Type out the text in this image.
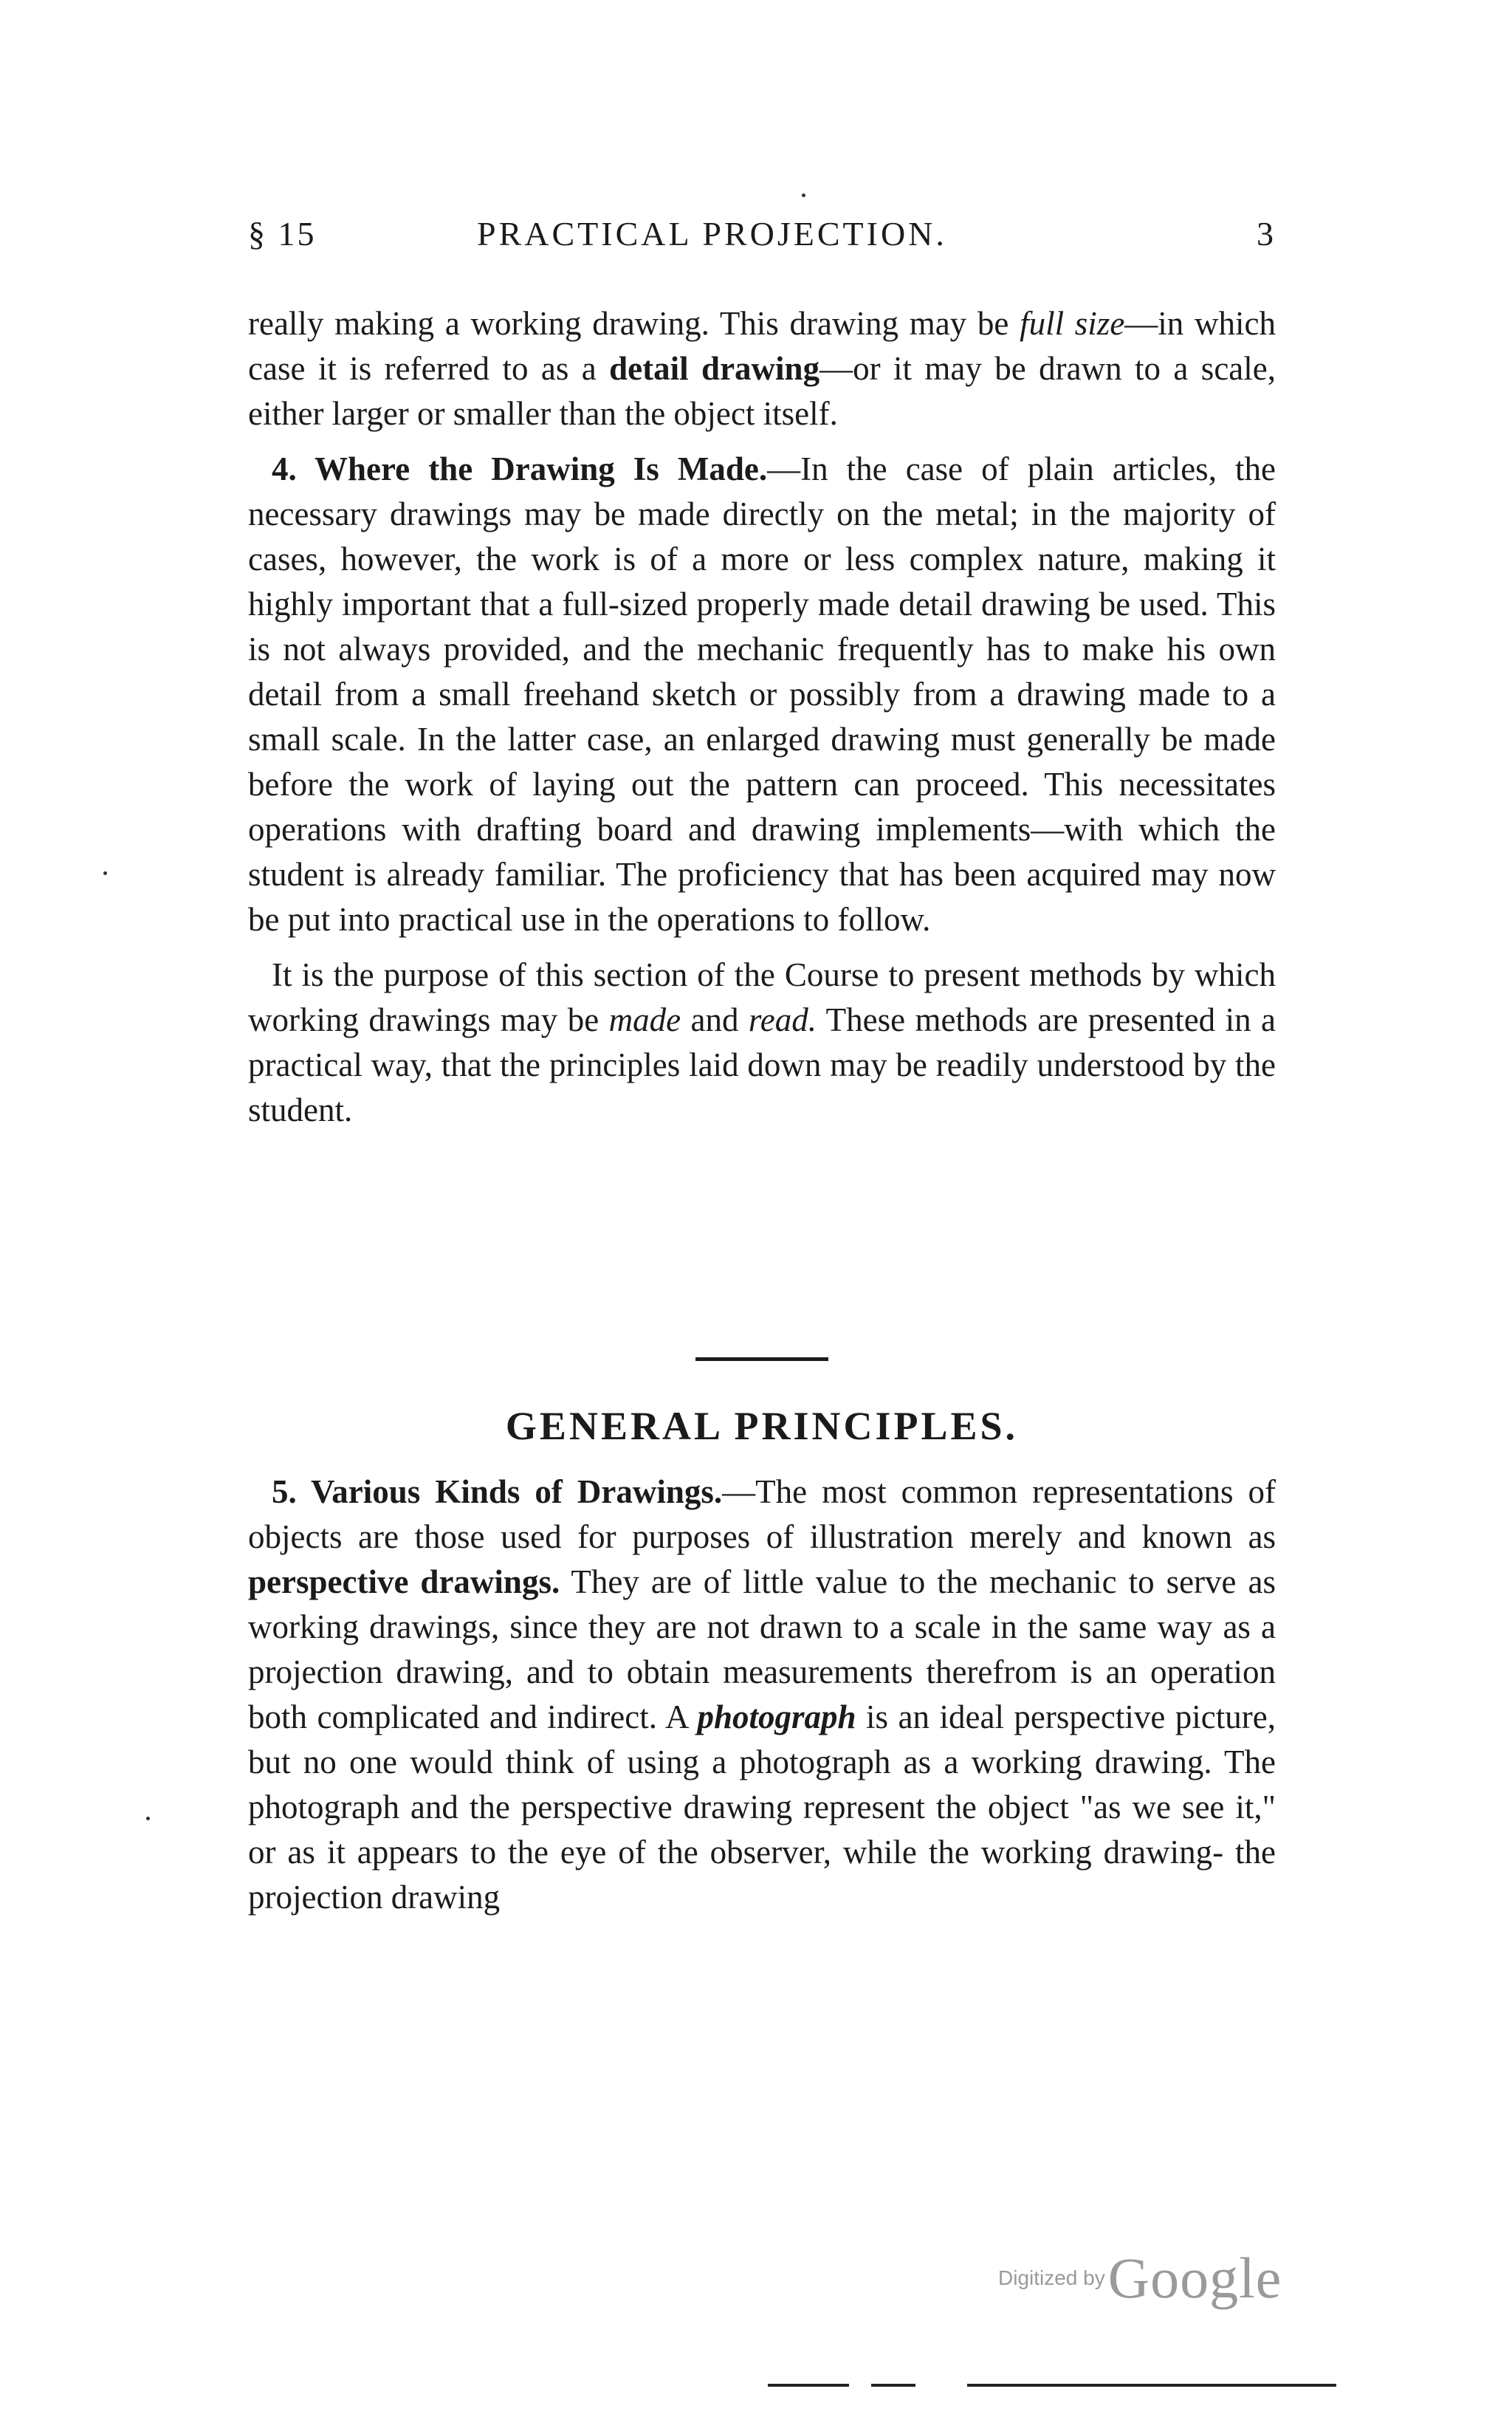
§ 15	PRACTICAL PROJECTION.	3

really making a working drawing. This drawing may be full size—in which case it is referred to as a detail drawing—or it may be drawn to a scale, either larger or smaller than the object itself.

4. Where the Drawing Is Made.—In the case of plain articles, the necessary drawings may be made directly on the metal; in the majority of cases, however, the work is of a more or less complex nature, making it highly important that a full-sized properly made detail drawing be used. This is not always provided, and the mechanic frequently has to make his own detail from a small freehand sketch or possibly from a drawing made to a small scale. In the latter case, an enlarged drawing must generally be made before the work of laying out the pattern can proceed. This necessitates operations with drafting board and drawing implements—with which the student is already familiar. The proficiency that has been acquired may now be put into practical use in the operations to follow.

It is the purpose of this section of the Course to present methods by which working drawings may be made and read. These methods are presented in a practical way, that the principles laid down may be readily understood by the student.

GENERAL PRINCIPLES.

5. Various Kinds of Drawings.—The most common representations of objects are those used for purposes of illustration merely and known as perspective drawings. They are of little value to the mechanic to serve as working drawings, since they are not drawn to a scale in the same way as a projection drawing, and to obtain measurements therefrom is an operation both complicated and indirect. A photograph is an ideal perspective picture, but no one would think of using a photograph as a working drawing. The photograph and the perspective drawing represent the object "as we see it," or as it appears to the eye of the observer, while the working drawing- the projection drawing

Digitized by Google
